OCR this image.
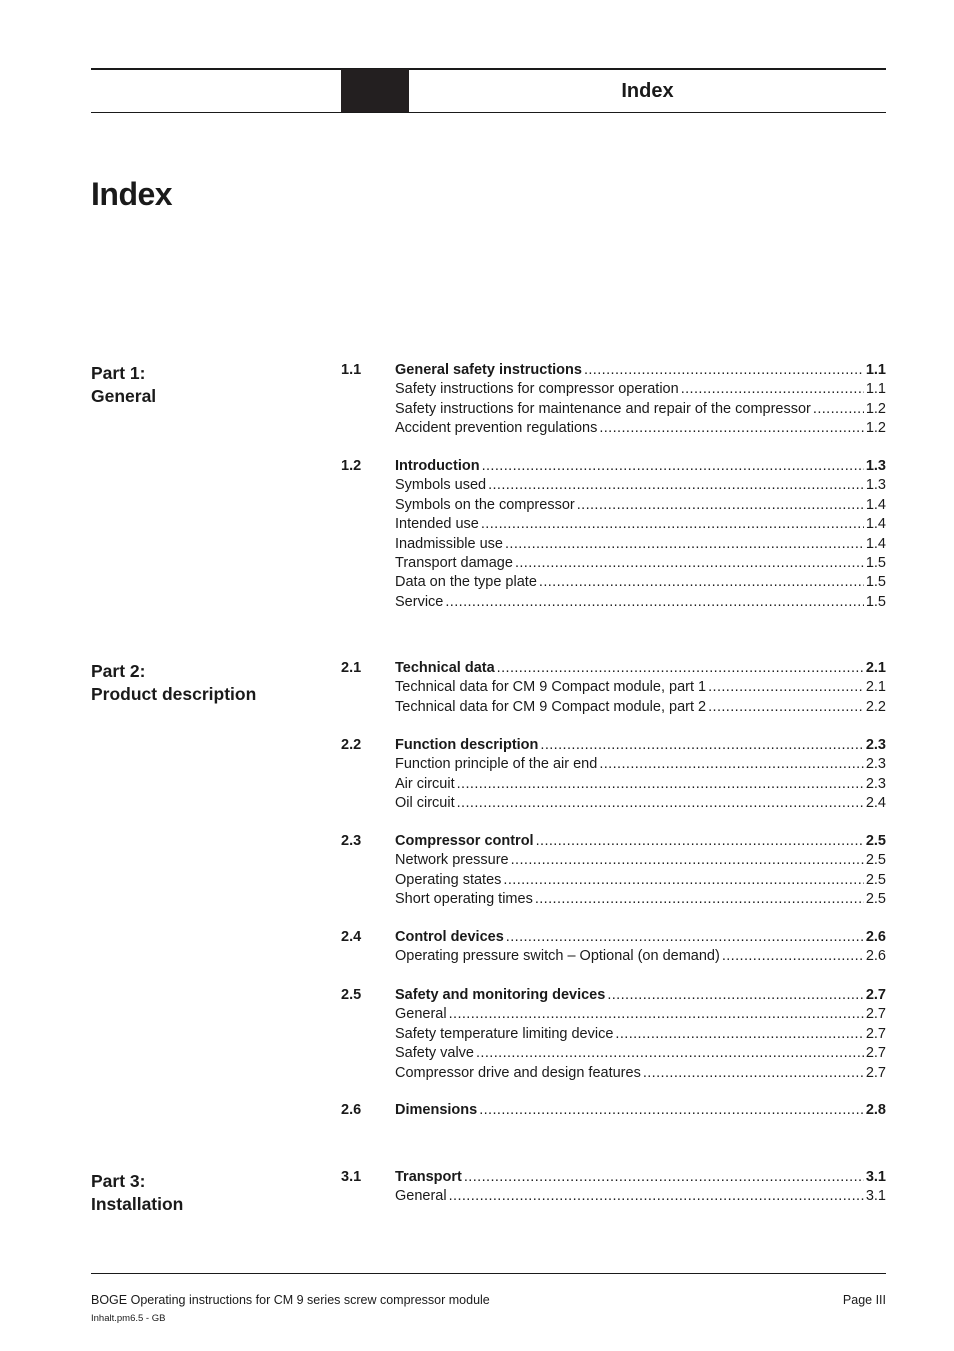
Index
Index
Part 1:
General
1.1 General safety instructions .....	1.1
Safety instructions for compressor operation .....	1.1
Safety instructions for maintenance and repair of the compressor .....	1.2
Accident prevention regulations .....	1.2
1.2 Introduction .....	1.3
Symbols used .....	1.3
Symbols on the compressor .....	1.4
Intended use .....	1.4
Inadmissible use .....	1.4
Transport damage .....	1.5
Data on the type plate .....	1.5
Service .....	1.5
Part 2:
Product description
2.1 Technical data .....	2.1
Technical data for CM 9 Compact module, part 1 .....	2.1
Technical data for CM 9 Compact module, part 2 .....	2.2
2.2 Function description .....	2.3
Function principle of the air end .....	2.3
Air circuit .....	2.3
Oil circuit .....	2.4
2.3 Compressor control .....	2.5
Network pressure .....	2.5
Operating states .....	2.5
Short operating times .....	2.5
2.4 Control devices .....	2.6
Operating pressure switch – Optional (on demand) .....	2.6
2.5 Safety and monitoring devices .....	2.7
General .....	2.7
Safety temperature limiting device .....	2.7
Safety valve .....	2.7
Compressor drive and design features .....	2.7
2.6 Dimensions .....	2.8
Part 3:
Installation
3.1 Transport .....	3.1
General .....	3.1
BOGE Operating instructions for CM 9 series screw compressor module	Page III
Inhalt.pm6.5 - GB
